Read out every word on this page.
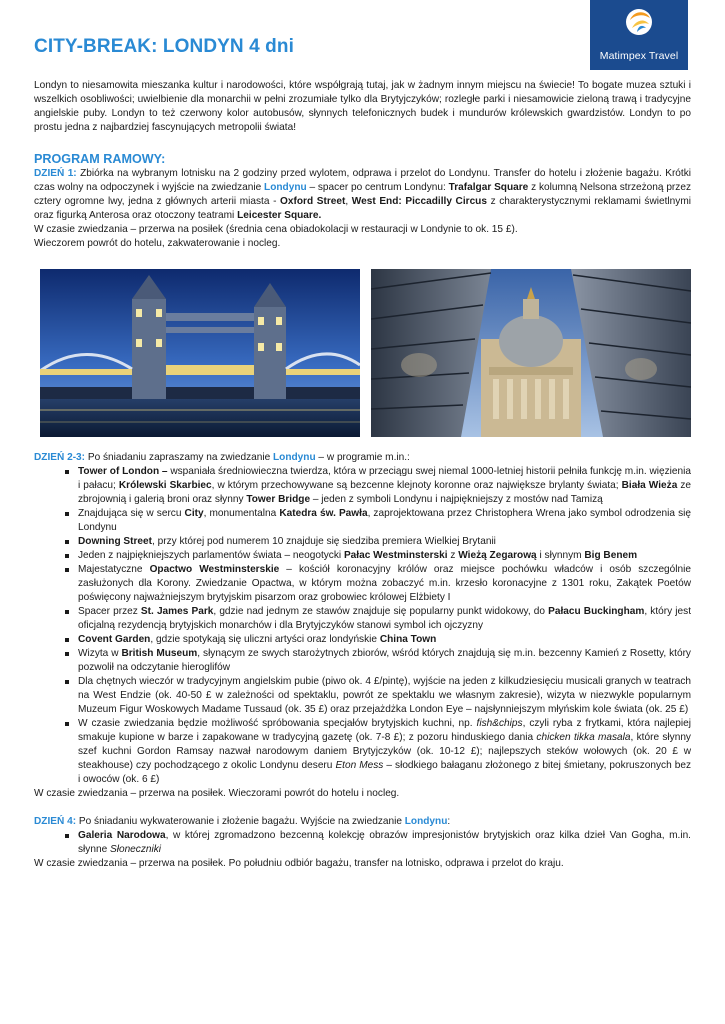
CITY-BREAK: LONDYN 4 dni	Matimpex Travel

Londyn to niesamowita mieszanka kultur i narodowości, które współgrają tutaj, jak w żadnym innym miejscu na świecie! To bogate muzea sztuki i wszelkich osobliwości; uwielbienie dla monarchii w pełni zrozumiałe tylko dla Brytyjczyków; rozległe parki i niesamowicie zieloną trawą i tradycyjne angielskie puby. Londyn to też czerwony kolor autobusów, słynnych telefonicznych budek i mundurów królewskich gwardzistów. Londyn to po prostu jedna z najbardziej fascynujących metropolii świata!

PROGRAM RAMOWY:

DZIEŃ 1: Zbiórka na wybranym lotnisku na 2 godziny przed wylotem, odprawa i przelot do Londynu. Transfer do hotelu i złożenie bagażu. Krótki czas wolny na odpoczynek i wyjście na zwiedzanie Londynu – spacer po centrum Londynu: Trafalgar Square z kolumną Nelsona strzeżoną przez cztery ogromne lwy, jedna z głównych arterii miasta - Oxford Street, West End: Piccadilly Circus z charakterystycznymi reklamami świetlnymi oraz figurką Anterosa oraz otoczony teatrami Leicester Square.

W czasie zwiedzania – przerwa na posiłek (średnia cena obiadokolacji w restauracji w Londynie to ok. 15 £).

Wieczorem powrót do hotelu, zakwaterowanie i nocleg.

DZIEŃ 2-3: Po śniadaniu zapraszamy na zwiedzanie Londynu – w programie m.in.:

Tower of London – wspaniała średniowieczna twierdza, która w przeciągu swej niemal 1000-letniej historii pełniła funkcję m.in. więzienia i pałacu; Królewski Skarbiec, w którym przechowywane są bezcenne klejnoty koronne oraz największe brylanty świata; Biała Wieża ze zbrojownią i galerią broni oraz słynny Tower Bridge – jeden z symboli Londynu i najpiękniejszy z mostów nad Tamizą
Znajdująca się w sercu City, monumentalna Katedra św. Pawła, zaprojektowana przez Christophera Wrena jako symbol odrodzenia się Londynu
Downing Street, przy której pod numerem 10 znajduje się siedziba premiera Wielkiej Brytanii
Jeden z najpiękniejszych parlamentów świata – neogotycki Pałac Westminsterski z Wieżą Zegarową i słynnym Big Benem
Majestatyczne Opactwo Westminsterskie – kościół koronacyjny królów oraz miejsce pochówku władców i osób szczególnie zasłużonych dla Korony. Zwiedzanie Opactwa, w którym można zobaczyć m.in. krzesło koronacyjne z 1301 roku, Zakątek Poetów poświęcony najważniejszym brytyjskim pisarzom oraz grobowiec królowej Elżbiety I
Spacer przez St. James Park, gdzie nad jednym ze stawów znajduje się popularny punkt widokowy, do Pałacu Buckingham, który jest oficjalną rezydencją brytyjskich monarchów i dla Brytyjczyków stanowi symbol ich ojczyzny
Covent Garden, gdzie spotykają się uliczni artyści oraz londyńskie China Town
Wizyta w British Museum, słynącym ze swych starożytnych zbiorów, wśród których znajdują się m.in. bezcenny Kamień z Rosetty, który pozwolił na odczytanie hieroglifów
Dla chętnych wieczór w tradycyjnym angielskim pubie (piwo ok. 4 £/pintę), wyjście na jeden z kilkudziesięciu musicali granych w teatrach na West Endzie (ok. 40-50 £ w zależności od spektaklu, powrót ze spektaklu we własnym zakresie), wizyta w niezwykle popularnym Muzeum Figur Woskowych Madame Tussaud (ok. 35 £) oraz przejażdżka London Eye – najsłynniejszym młyńskim kole świata (ok. 25 £)
W czasie zwiedzania będzie możliwość spróbowania specjałów brytyjskich kuchni, np. fish&chips, czyli ryba z frytkami, która najlepiej smakuje kupione w barze i zapakowane w tradycyjną gazetę (ok. 7-8 £); z pozoru hinduskiego dania chicken tikka masala, które słynny szef kuchni Gordon Ramsay nazwał narodowym daniem Brytyjczyków (ok. 10-12 £); najlepszych steków wołowych (ok. 20 £ w steakhouse) czy pochodzącego z okolic Londynu deseru Eton Mess – słodkiego bałaganu złożonego z bitej śmietany, pokruszonych bez i owoców (ok. 6 £)

W czasie zwiedzania – przerwa na posiłek. Wieczorami powrót do hotelu i nocleg.

DZIEŃ 4: Po śniadaniu wykwaterowanie i złożenie bagażu. Wyjście na zwiedzanie Londynu:

Galeria Narodowa, w której zgromadzono bezcenną kolekcję obrazów impresjonistów brytyjskich oraz kilka dzieł Van Gogha, m.in. słynne Słoneczniki

W czasie zwiedzania – przerwa na posiłek. Po południu odbiór bagażu, transfer na lotnisko, odprawa i przelot do kraju.
